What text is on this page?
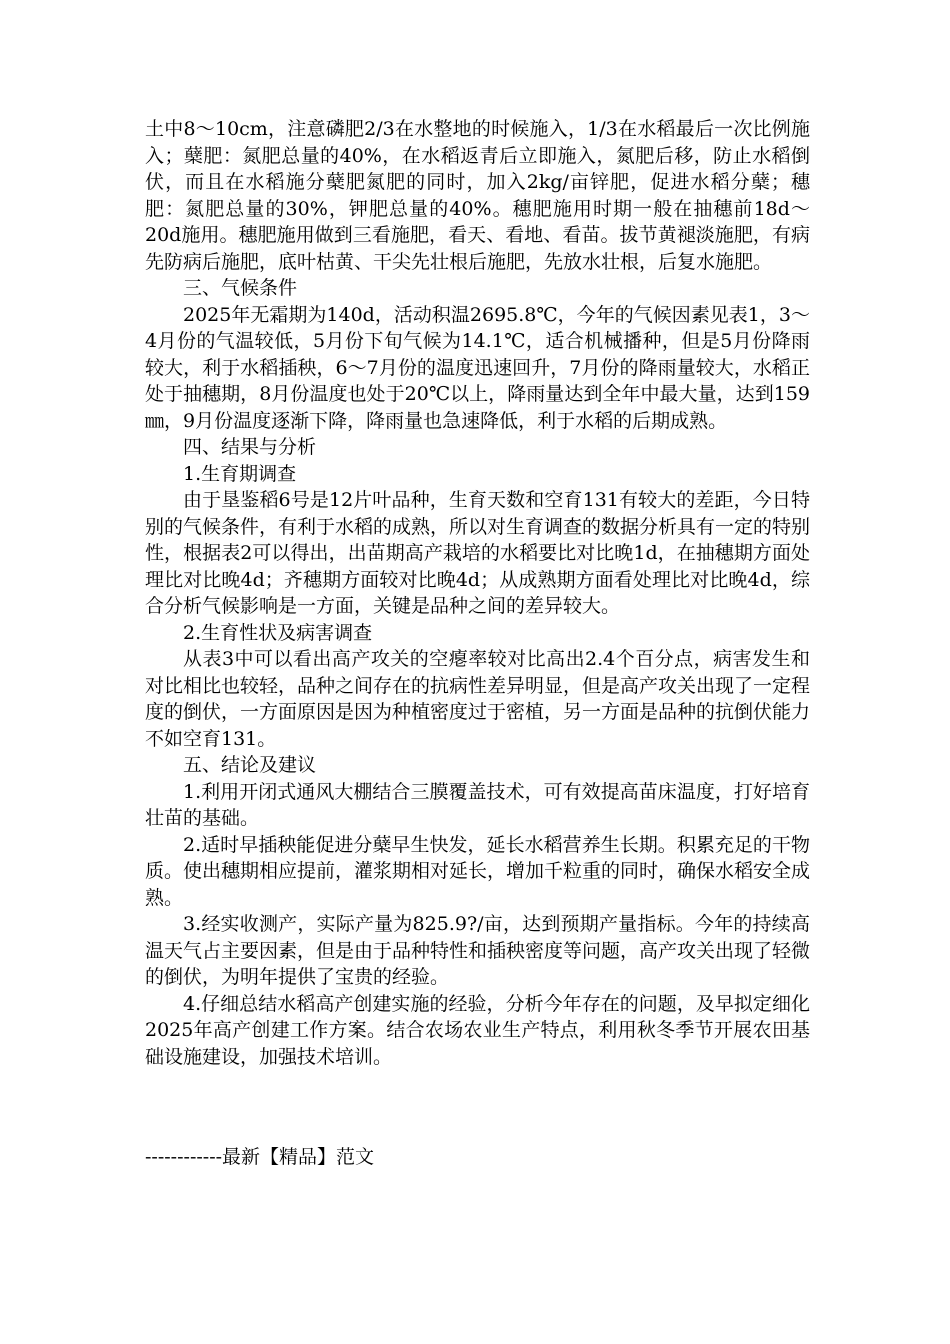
土中8～10cm，注意磷肥2/3在水整地的时候施入，1/3在水稻最后一次比例施入；蘖肥：氮肥总量的40%，在水稻返青后立即施入，氮肥后移，防止水稻倒伏，而且在水稻施分蘖肥氮肥的同时，加入2kg/亩锌肥，促进水稻分蘖；穗肥：氮肥总量的30%，钾肥总量的40%。穗肥施用时期一般在抽穗前18d～20d施用。穗肥施用做到三看施肥，看天、看地、看苗。拔节黄褪淡施肥，有病先防病后施肥，底叶枯黄、干尖先壮根后施肥，先放水壮根，后复水施肥。

三、气候条件

2025年无霜期为140d，活动积温2695.8℃，今年的气候因素见表1，3～4月份的气温较低，5月份下旬气候为14.1℃，适合机械播种，但是5月份降雨较大，利于水稻插秧，6～7月份的温度迅速回升，7月份的降雨量较大，水稻正处于抽穗期，8月份温度也处于20℃以上，降雨量达到全年中最大量，达到159㎜，9月份温度逐渐下降，降雨量也急速降低，利于水稻的后期成熟。

四、结果与分析

1.生育期调查

由于垦鉴稻6号是12片叶品种，生育天数和空育131有较大的差距，今日特别的气候条件，有利于水稻的成熟，所以对生育调查的数据分析具有一定的特别性，根据表2可以得出，出苗期高产栽培的水稻要比对比晚1d，在抽穗期方面处理比对比晚4d；齐穗期方面较对比晚4d；从成熟期方面看处理比对比晚4d，综合分析气候影响是一方面，关键是品种之间的差异较大。

2.生育性状及病害调查

从表3中可以看出高产攻关的空瘪率较对比高出2.4个百分点，病害发生和对比相比也较轻，品种之间存在的抗病性差异明显，但是高产攻关出现了一定程度的倒伏，一方面原因是因为种植密度过于密植，另一方面是品种的抗倒伏能力不如空育131。

五、结论及建议

1.利用开闭式通风大棚结合三膜覆盖技术，可有效提高苗床温度，打好培育壮苗的基础。

2.适时早插秧能促进分蘖早生快发，延长水稻营养生长期。积累充足的干物质。使出穗期相应提前，灌浆期相对延长，增加千粒重的同时，确保水稻安全成熟。

3.经实收测产，实际产量为825.9?/亩，达到预期产量指标。今年的持续高温天气占主要因素，但是由于品种特性和插秧密度等问题，高产攻关出现了轻微的倒伏，为明年提供了宝贵的经验。

4.仔细总结水稻高产创建实施的经验，分析今年存在的问题，及早拟定细化2025年高产创建工作方案。结合农场农业生产特点，利用秋冬季节开展农田基础设施建设，加强技术培训。

------------最新【精品】范文
